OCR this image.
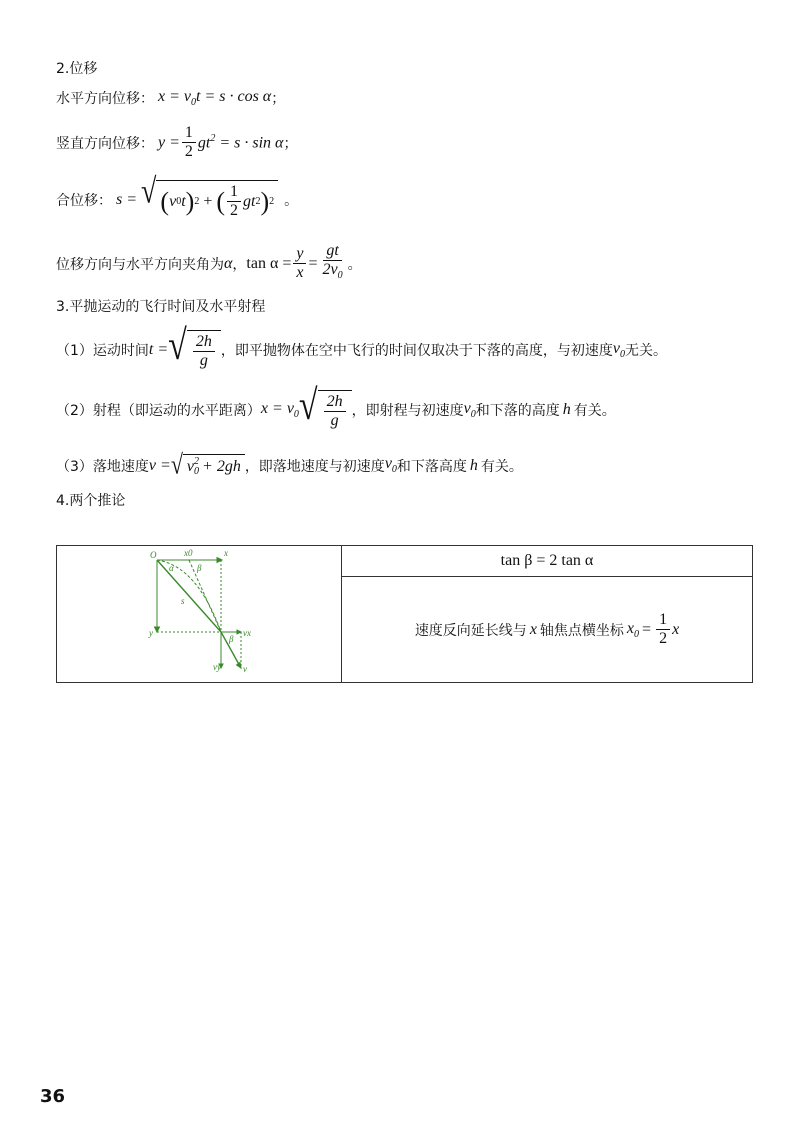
2.位移
水平方向位移： $x = v_0t = s \cdot \cos \alpha$ ；
竖直方向位移： $y = \frac{1}{2} gt^2 = s \cdot \sin \alpha$ ；
合位移： s = √ ( v 0 t ) 2 + ( $\frac{1}{2}$ gt 2 ) 2 。
位移方向与水平方向夹角为 α ， $\tan \alpha = \frac{y}{x} = \frac{gt}{2v_0}$ 。
3.平抛运动的飞行时间及水平射程
（1）运动时间 t = √ $\frac{2h}{g}$ ，即平抛物体在空中飞行的时间仅取决于下落的高度，与初速度 $v_0$ 无关。
（2）射程（即运动的水平距离） $x = v_0$ √ $\frac{2h}{g}$ ，即射程与初速度 $v_0$ 和下落的高度 h 有关。
（3）落地速度 v = √ v 2
0 + 2gh ，即落地速度与初速度 $v_0$ 和下落高度 h 有关。
4.两个推论
O	x0	x
α	β
s
y
β
vx
vy v
	tan β = 2 tan α

速度反向延长线与 x 轴焦点横坐标 $x_0 = \frac{1}{2}$ x
36
